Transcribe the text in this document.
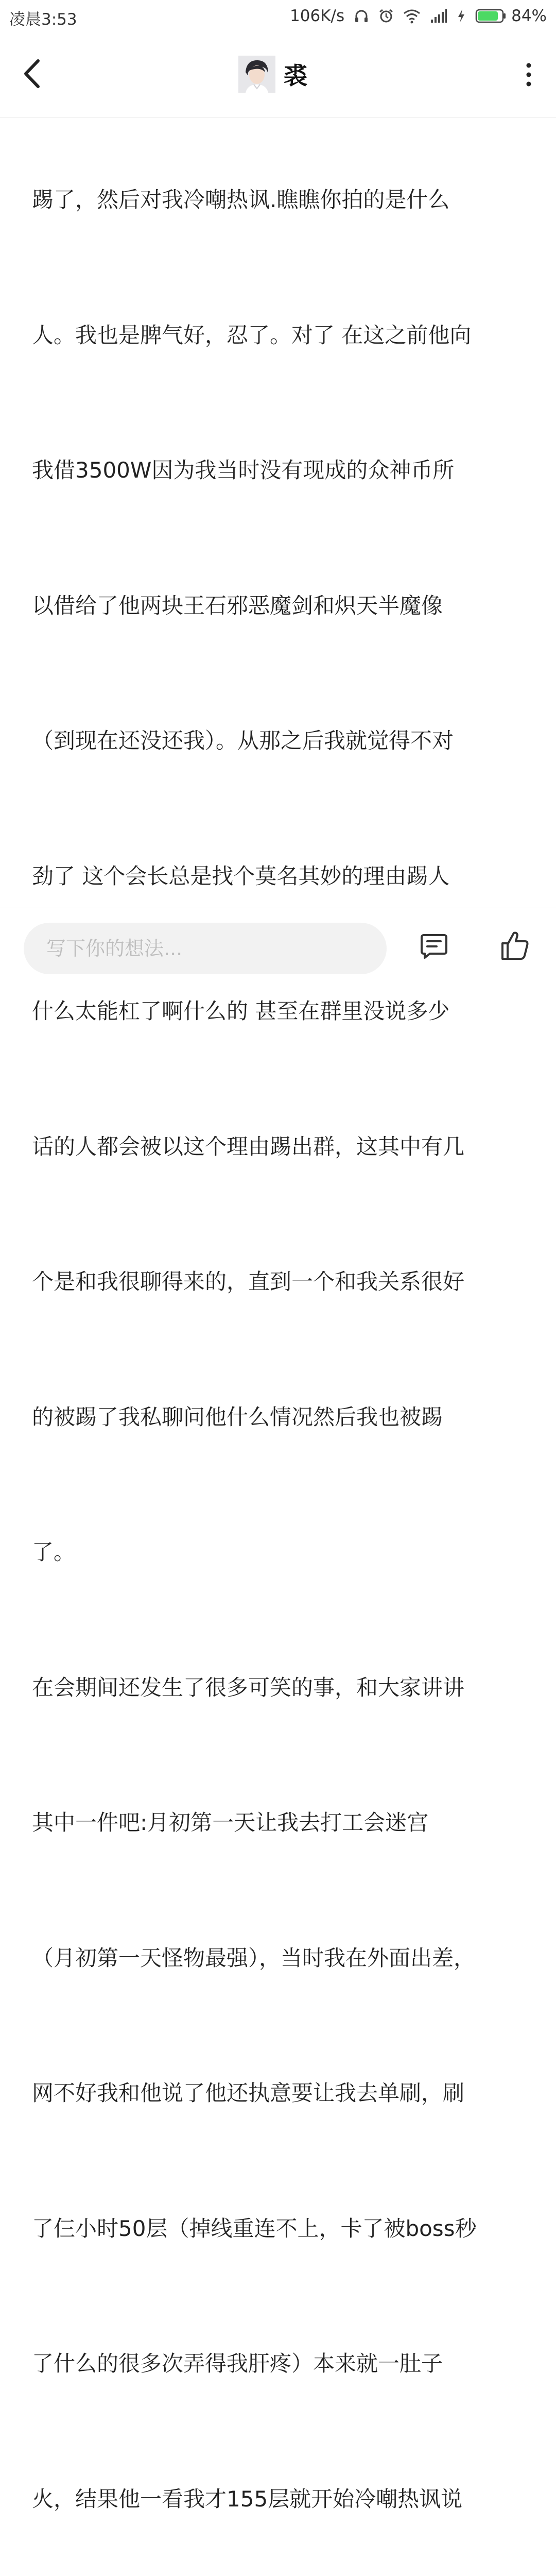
凌晨3:53	106K/s	84%
裘

踢了，然后对我冷嘲热讽.瞧瞧你拍的是什么

人。我也是脾气好，忍了。对了 在这之前他向

我借3500W因为我当时没有现成的众神币所

以借给了他两块王石邪恶魔剑和炽天半魔像

（到现在还没还我）。从那之后我就觉得不对

劲了 这个会长总是找个莫名其妙的理由踢人

什么太能杠了啊什么的 甚至在群里没说多少

话的人都会被以这个理由踢出群，这其中有几

个是和我很聊得来的，直到一个和我关系很好

的被踢了我私聊问他什么情况然后我也被踢

了。

在会期间还发生了很多可笑的事，和大家讲讲

其中一件吧:月初第一天让我去打工会迷宫

（月初第一天怪物最强），当时我在外面出差，

网不好我和他说了他还执意要让我去单刷，刷

了仨小时50层（掉线重连不上，卡了被boss秒

了什么的很多次弄得我肝疼）本来就一肚子

火，结果他一看我才155层就开始冷嘲热讽说

写下你的想法...
